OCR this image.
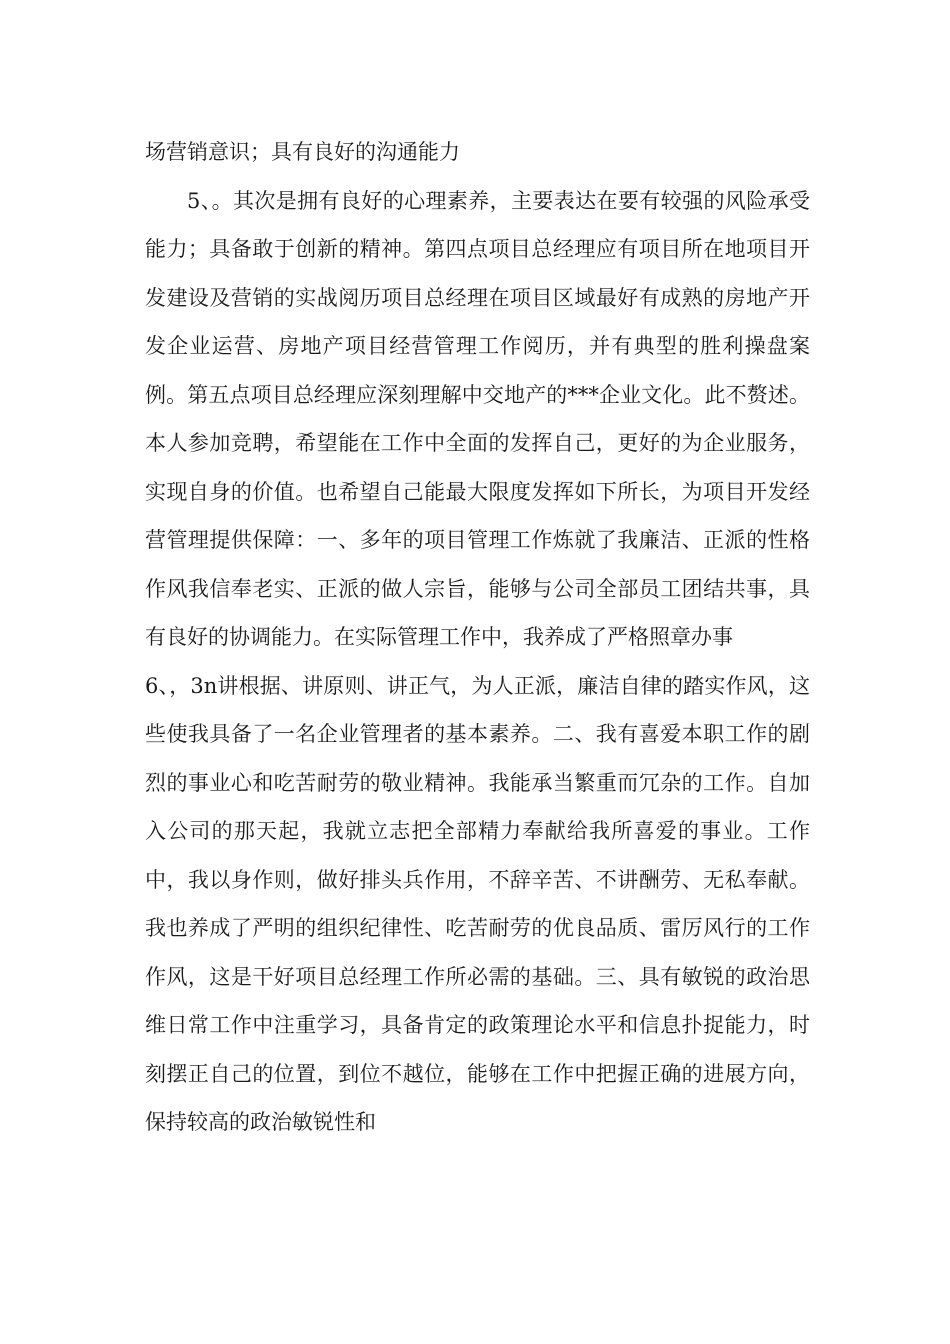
场营销意识；具有良好的沟通能力

5、。其次是拥有良好的心理素养，主要表达在要有较强的风险承受能力；具备敢于创新的精神。第四点项目总经理应有项目所在地项目开发建设及营销的实战阅历项目总经理在项目区域最好有成熟的房地产开发企业运营、房地产项目经营管理工作阅历，并有典型的胜利操盘案例。第五点项目总经理应深刻理解中交地产的***企业文化。此不赘述。本人参加竞聘，希望能在工作中全面的发挥自己，更好的为企业服务，实现自身的价值。也希望自己能最大限度发挥如下所长，为项目开发经营管理提供保障：一、多年的项目管理工作炼就了我廉洁、正派的性格作风我信奉老实、正派的做人宗旨，能够与公司全部员工团结共事，具有良好的协调能力。在实际管理工作中，我养成了严格照章办事

6、，3n讲根据、讲原则、讲正气，为人正派，廉洁自律的踏实作风，这些使我具备了一名企业管理者的基本素养。二、我有喜爱本职工作的剧烈的事业心和吃苦耐劳的敬业精神。我能承当繁重而冗杂的工作。自加入公司的那天起，我就立志把全部精力奉献给我所喜爱的事业。工作中，我以身作则，做好排头兵作用，不辞辛苦、不讲酬劳、无私奉献。我也养成了严明的组织纪律性、吃苦耐劳的优良品质、雷厉风行的工作作风，这是干好项目总经理工作所必需的基础。三、具有敏锐的政治思维日常工作中注重学习，具备肯定的政策理论水平和信息扑捉能力，时刻摆正自己的位置，到位不越位，能够在工作中把握正确的进展方向，保持较高的政治敏锐性和
